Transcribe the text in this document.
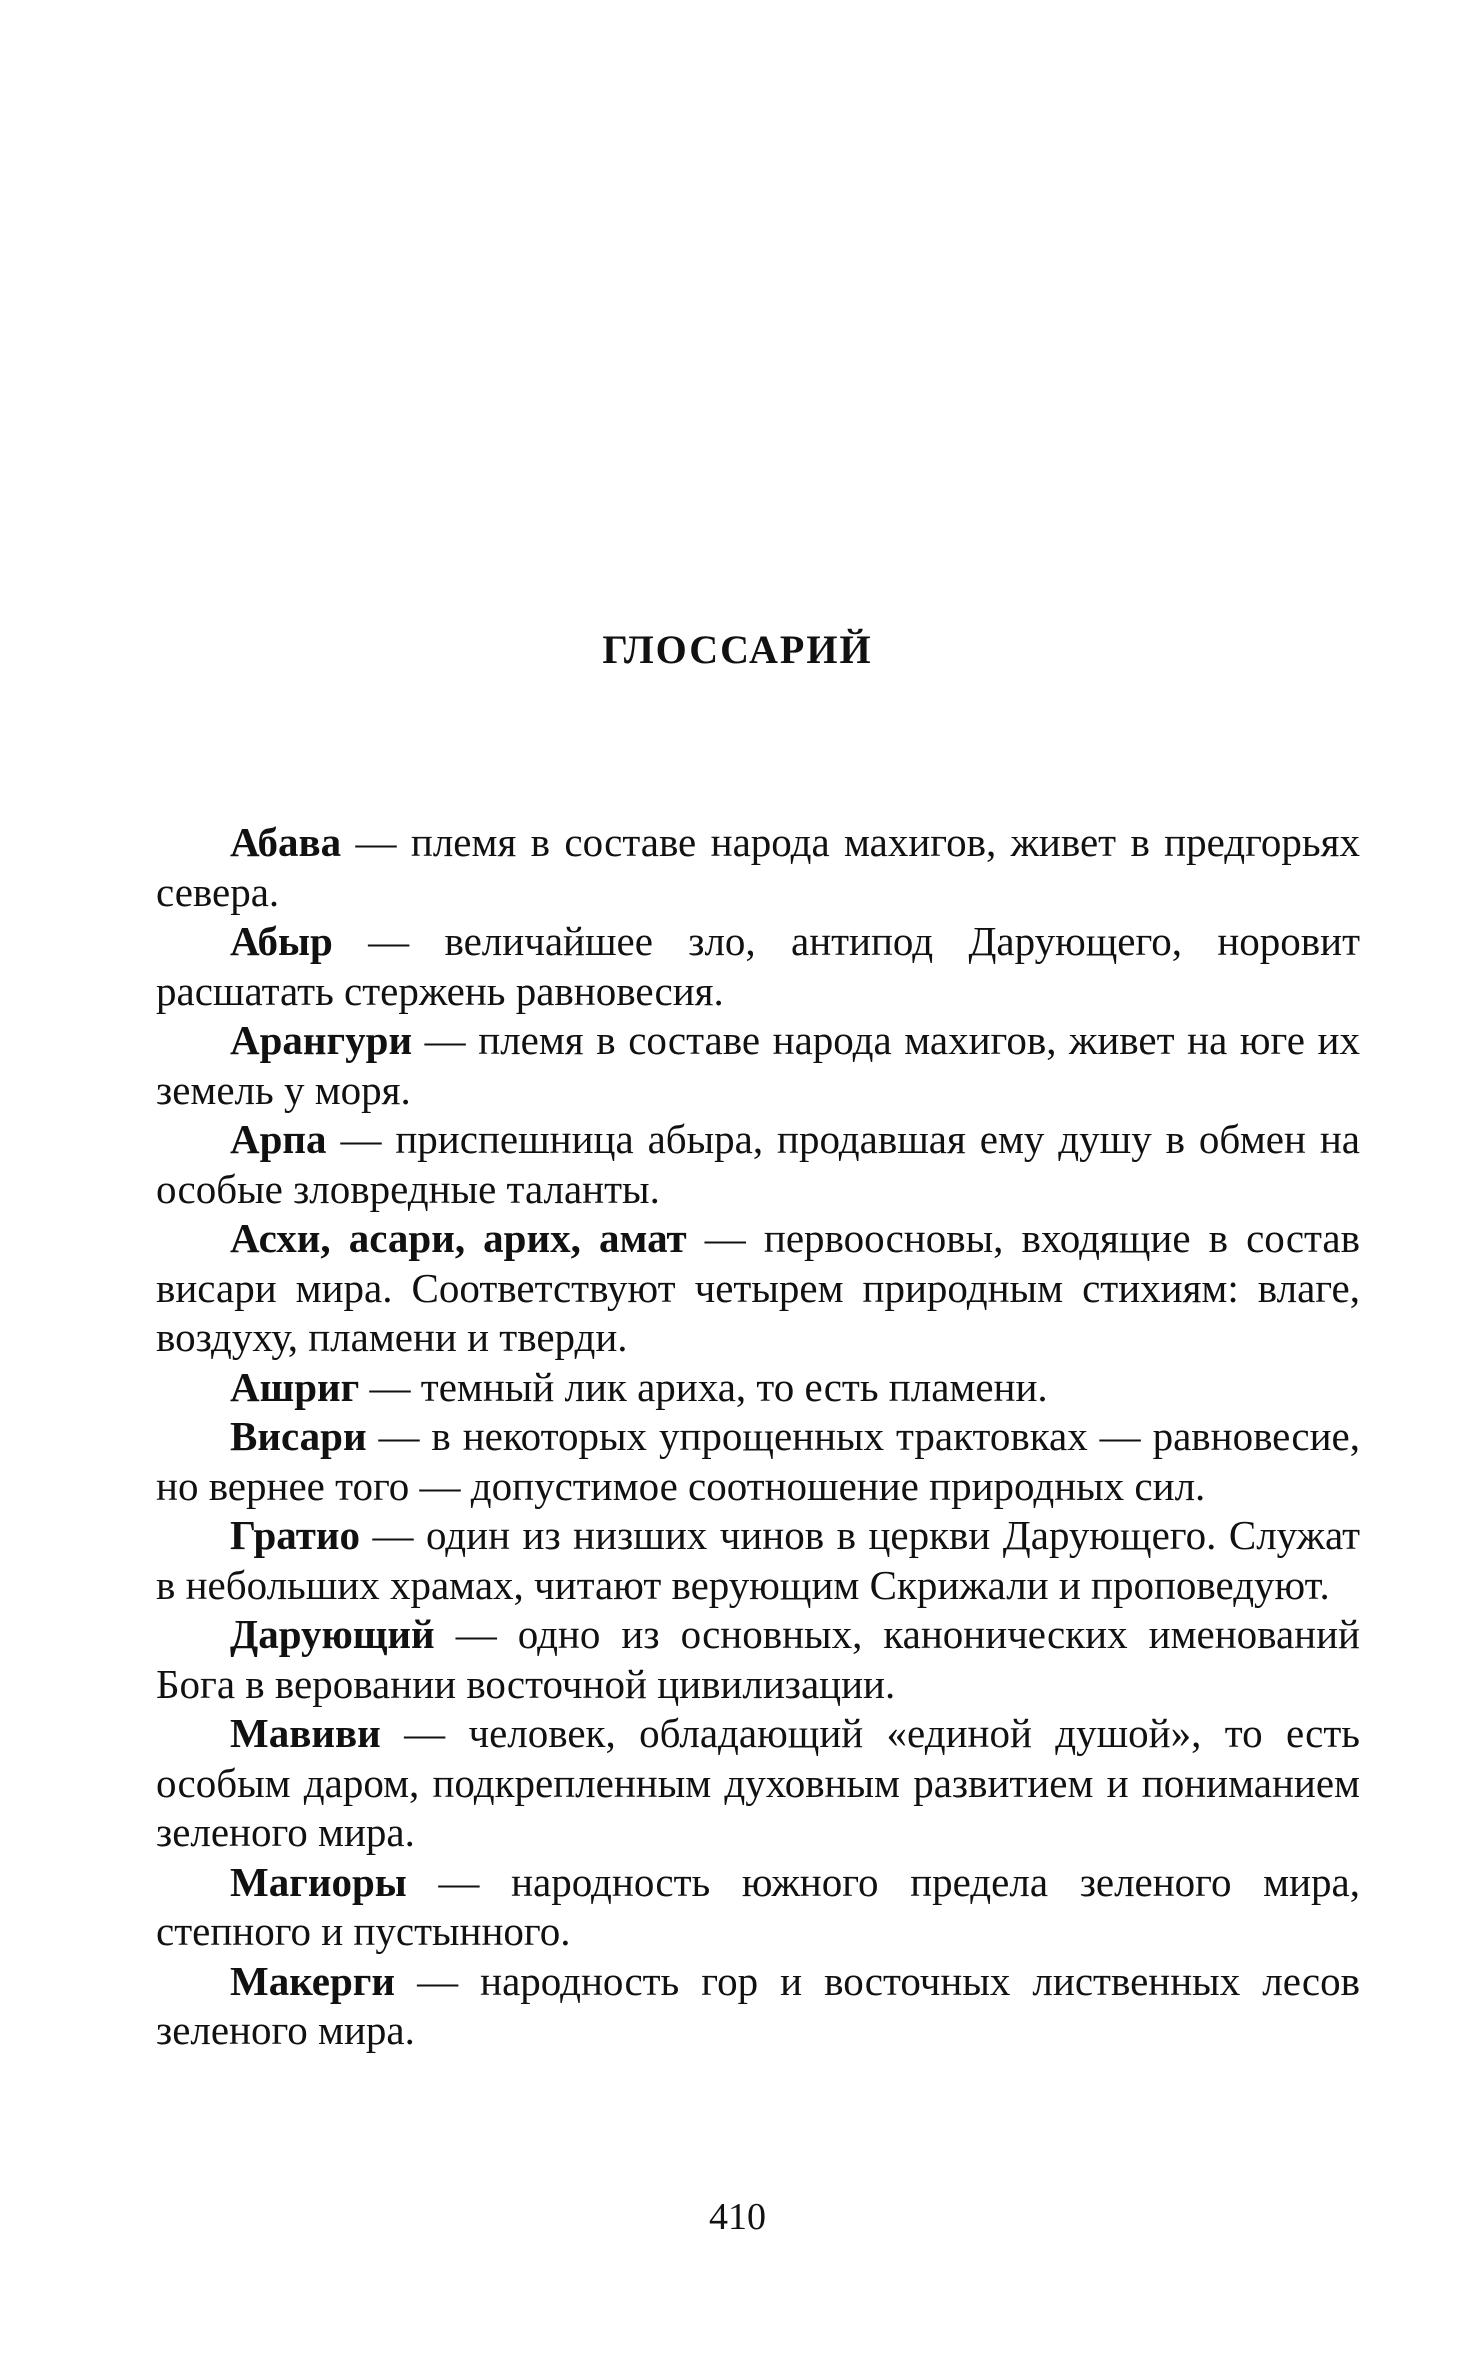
ГЛОССАРИЙ

Абава — племя в составе народа махигов, живет в предгорьях севера.

Абыр — величайшее зло, антипод Дарующего, норовит расшатать стержень равновесия.

Арангури — племя в составе народа махигов, живет на юге их земель у моря.

Арпа — приспешница абыра, продавшая ему душу в обмен на особые зловредные таланты.

Асхи, асари, арих, амат — первоосновы, входящие в состав висари мира. Соответствуют четырем природным стихиям: влаге, воздуху, пламени и тверди.

Ашриг — темный лик ариха, то есть пламени.

Висари — в некоторых упрощенных трактовках — равновесие, но вернее того — допустимое соотношение природных сил.

Гратио — один из низших чинов в церкви Дарующего. Служат в небольших храмах, читают верующим Скрижали и проповедуют.

Дарующий — одно из основных, канонических именований Бога в веровании восточной цивилизации.

Мавиви — человек, обладающий «единой душой», то есть особым даром, подкрепленным духовным развитием и пониманием зеленого мира.

Магиоры — народность южного предела зеленого мира, степного и пустынного.

Макерги — народность гор и восточных лиственных лесов зеленого мира.

410
